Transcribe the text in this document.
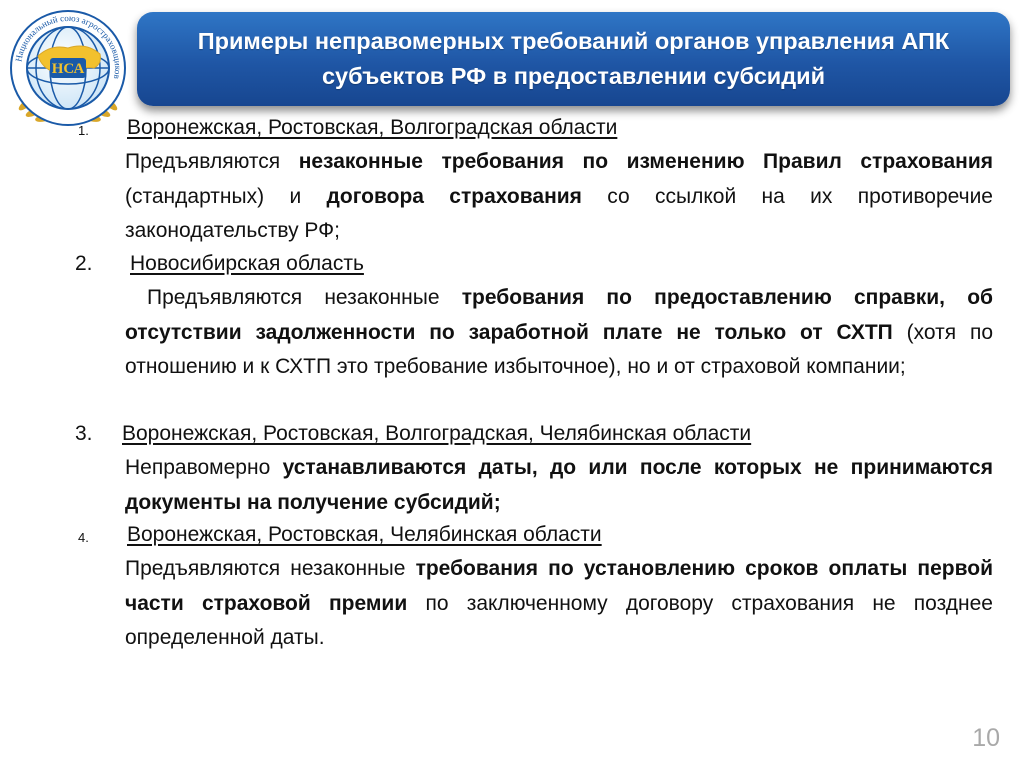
Национальный союз агростраховщиков
НСА
Примеры неправомерных требований органов управления АПК субъектов РФ в предоставлении субсидий
1. Воронежская, Ростовская, Волгоградская области
Предъявляются незаконные требования по изменению Правил страхования (стандартных) и договора страхования со ссылкой на их противоречие законодательству РФ;
2. Новосибирская область
Предъявляются незаконные требования по предоставлению справки, об отсутствии задолженности по заработной плате не только от СХТП (хотя по отношению и к СХТП это требование избыточное), но и от страховой компании;
3. Воронежская, Ростовская, Волгоградская, Челябинская области
Неправомерно устанавливаются даты, до или после которых не принимаются документы на получение субсидий;
4. Воронежская, Ростовская, Челябинская области
Предъявляются незаконные требования по установлению сроков оплаты первой части страховой премии по заключенному договору страхования не позднее определенной даты.
10
